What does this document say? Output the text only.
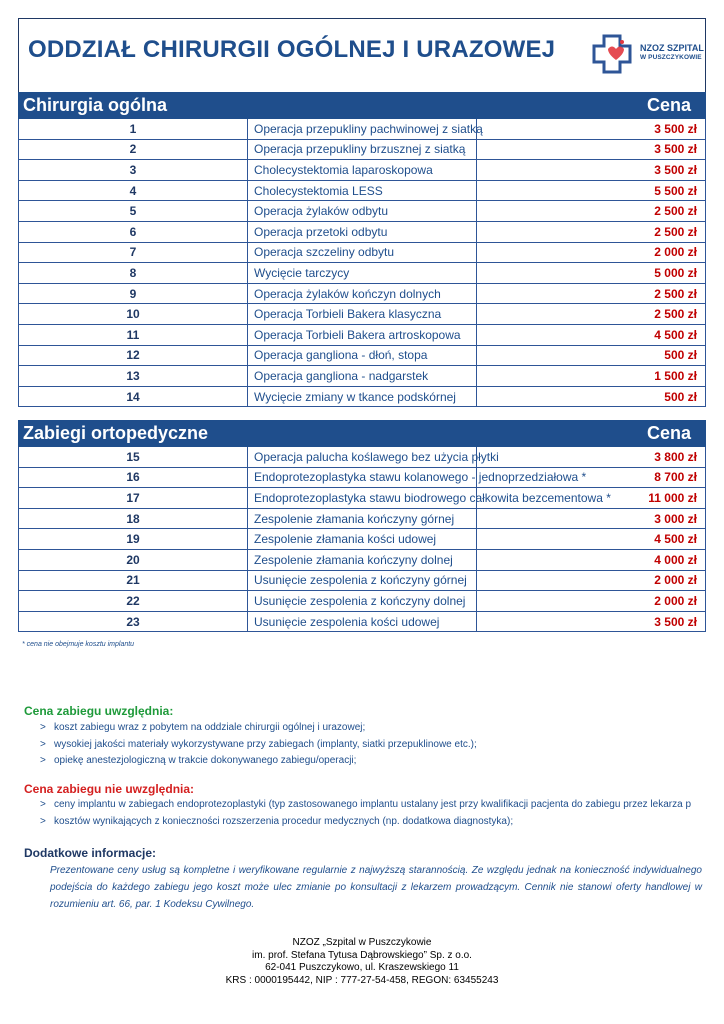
ODDZIAŁ CHIRURGII OGÓLNEJ I URAZOWEJ	NZOZ SZPITAL
W PUSZCZYKOWIE
Chirurgia ogólna		Cena
1	Operacja przepukliny pachwinowej z siatką	3 500 zł
2	Operacja przepukliny brzusznej z siatką	3 500 zł
3	Cholecystektomia laparoskopowa	3 500 zł
4	Cholecystektomia LESS	5 500 zł
5	Operacja żylaków odbytu	2 500 zł
6	Operacja przetoki odbytu	2 500 zł
7	Operacja szczeliny odbytu	2 000 zł
8	Wycięcie tarczycy	5 000 zł
9	Operacja żylaków kończyn dolnych	2 500 zł
10	Operacja Torbieli Bakera klasyczna	2 500 zł
11	Operacja Torbieli Bakera artroskopowa	4 500 zł
12	Operacja gangliona - dłoń, stopa	500 zł
13	Operacja gangliona - nadgarstek	1 500 zł
14	Wycięcie zmiany w tkance podskórnej	500 zł
Zabiegi ortopedyczne		Cena
15	Operacja palucha koślawego bez użycia płytki	3 800 zł
16	Endoprotezoplastyka stawu kolanowego - jednoprzedziałowa *	8 700 zł
17	Endoprotezoplastyka stawu biodrowego całkowita bezcementowa *	11 000 zł
18	Zespolenie złamania kończyny górnej	3 000 zł
19	Zespolenie złamania kości udowej	4 500 zł
20	Zespolenie złamania kończyny dolnej	4 000 zł
21	Usunięcie zespolenia z kończyny górnej	2 000 zł
22	Usunięcie zespolenia z kończyny dolnej	2 000 zł
23	Usunięcie zespolenia kości udowej	3 500 zł
* cena nie obejmuje kosztu implantu
Cena zabiegu uwzględnia:
> koszt zabiegu wraz z pobytem na oddziale chirurgii ogólnej i urazowej;
> wysokiej jakości materiały wykorzystywane przy zabiegach (implanty, siatki przepuklinowe etc.);
> opiekę anestezjologiczną w trakcie dokonywanego zabiegu/operacji;
Cena zabiegu nie uwzględnia:
> ceny implantu w zabiegach endoprotezoplastyki (typ zastosowanego implantu ustalany jest przy kwalifikacji pacjenta do zabiegu przez lekarza p
> kosztów wynikających z konieczności rozszerzenia procedur medycznych (np. dodatkowa diagnostyka);
Dodatkowe informacje:
Prezentowane ceny usług są kompletne i weryfikowane regularnie z najwyższą starannością. Ze względu jednak na konieczność indywidualnego podejścia do każdego zabiegu jego koszt może ulec zmianie po konsultacji z lekarzem prowadzącym. Cennik nie stanowi oferty handlowej w rozumieniu art. 66, par. 1 Kodeksu Cywilnego.
NZOZ „Szpital w Puszczykowie
im. prof. Stefana Tytusa Dąbrowskiego” Sp. z o.o.
62-041 Puszczykowo, ul. Kraszewskiego 11
KRS : 0000195442, NIP : 777-27-54-458, REGON: 63455243
